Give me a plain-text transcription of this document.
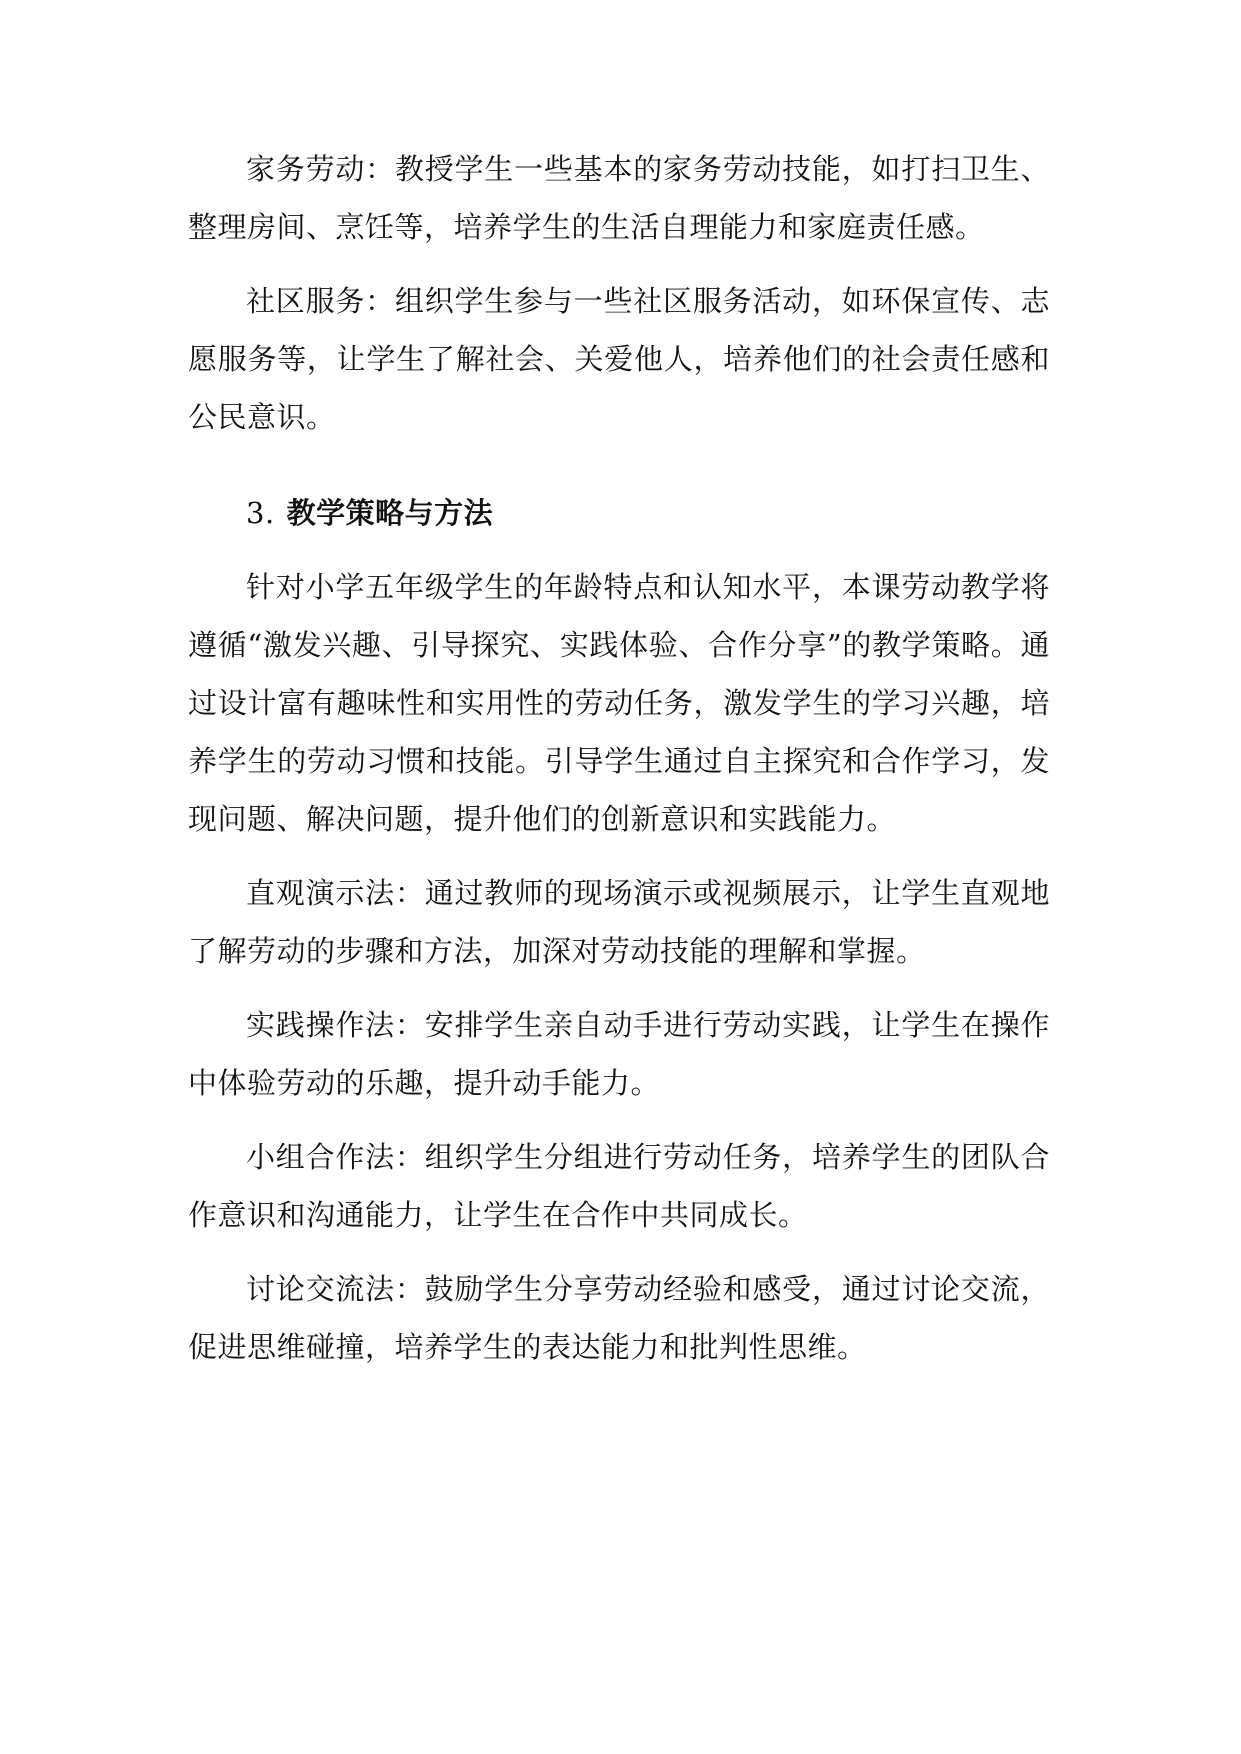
家务劳动：教授学生一些基本的家务劳动技能，如打扫卫生、整理房间、烹饪等，培养学生的生活自理能力和家庭责任感。

社区服务：组织学生参与一些社区服务活动，如环保宣传、志愿服务等，让学生了解社会、关爱他人，培养他们的社会责任感和公民意识。

3. 教学策略与方法

针对小学五年级学生的年龄特点和认知水平，本课劳动教学将遵循“激发兴趣、引导探究、实践体验、合作分享”的教学策略。通过设计富有趣味性和实用性的劳动任务，激发学生的学习兴趣，培养学生的劳动习惯和技能。引导学生通过自主探究和合作学习，发现问题、解决问题，提升他们的创新意识和实践能力。

直观演示法：通过教师的现场演示或视频展示，让学生直观地了解劳动的步骤和方法，加深对劳动技能的理解和掌握。

实践操作法：安排学生亲自动手进行劳动实践，让学生在操作中体验劳动的乐趣，提升动手能力。

小组合作法：组织学生分组进行劳动任务，培养学生的团队合作意识和沟通能力，让学生在合作中共同成长。

讨论交流法：鼓励学生分享劳动经验和感受，通过讨论交流，促进思维碰撞，培养学生的表达能力和批判性思维。
